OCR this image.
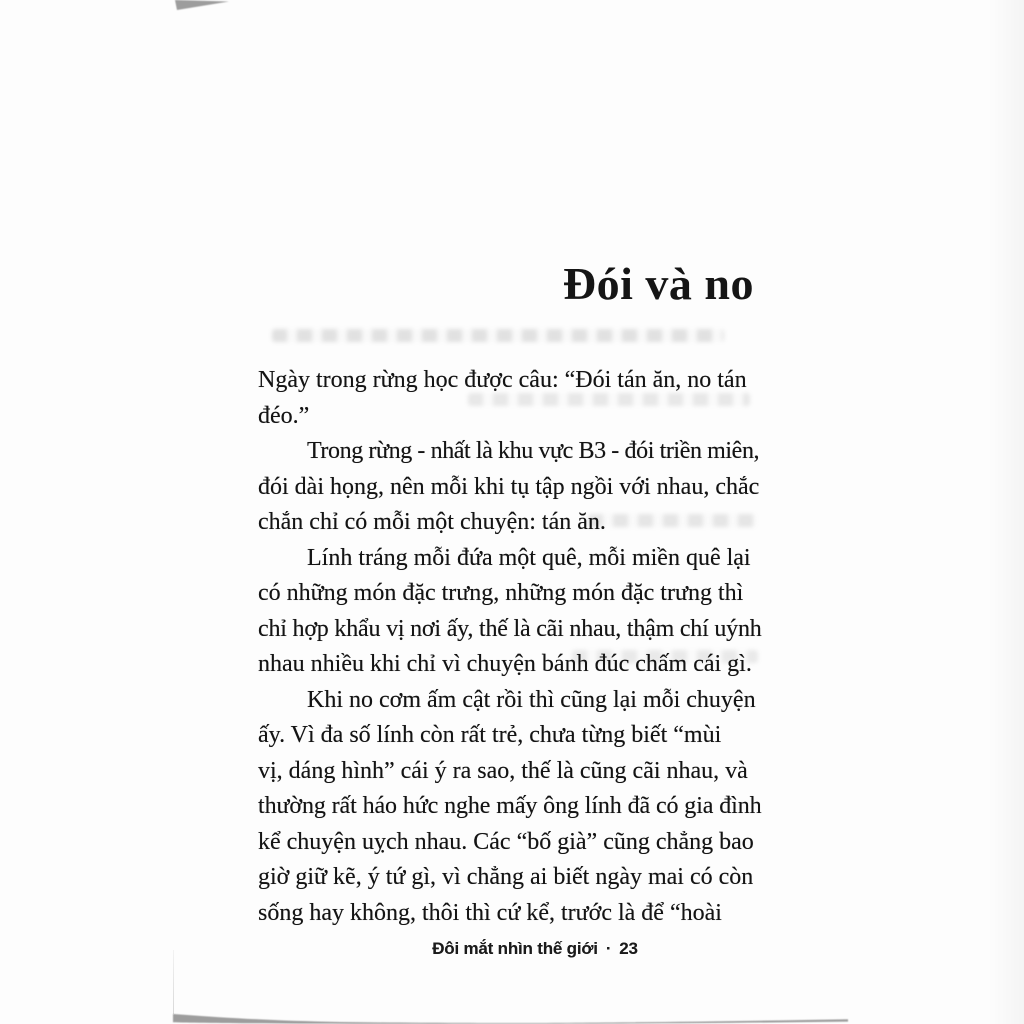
Đói và no
Ngày trong rừng học được câu: “Đói tán ăn, no tán
đéo.”
Trong rừng - nhất là khu vực B3 - đói triền miên,
đói dài họng, nên mỗi khi tụ tập ngồi với nhau, chắc
chắn chỉ có mỗi một chuyện: tán ăn.
Lính tráng mỗi đứa một quê, mỗi miền quê lại
có những món đặc trưng, những món đặc trưng thì
chỉ hợp khẩu vị nơi ấy, thế là cãi nhau, thậm chí uýnh
nhau nhiều khi chỉ vì chuyện bánh đúc chấm cái gì.
Khi no cơm ấm cật rồi thì cũng lại mỗi chuyện
ấy. Vì đa số lính còn rất trẻ, chưa từng biết “mùi
vị, dáng hình” cái ý ra sao, thế là cũng cãi nhau, và
thường rất háo hức nghe mấy ông lính đã có gia đình
kể chuyện uỵch nhau. Các “bố già” cũng chẳng bao
giờ giữ kẽ, ý tứ gì, vì chẳng ai biết ngày mai có còn
sống hay không, thôi thì cứ kể, trước là để “hoài
Đôi mắt nhìn thế giới · 23
